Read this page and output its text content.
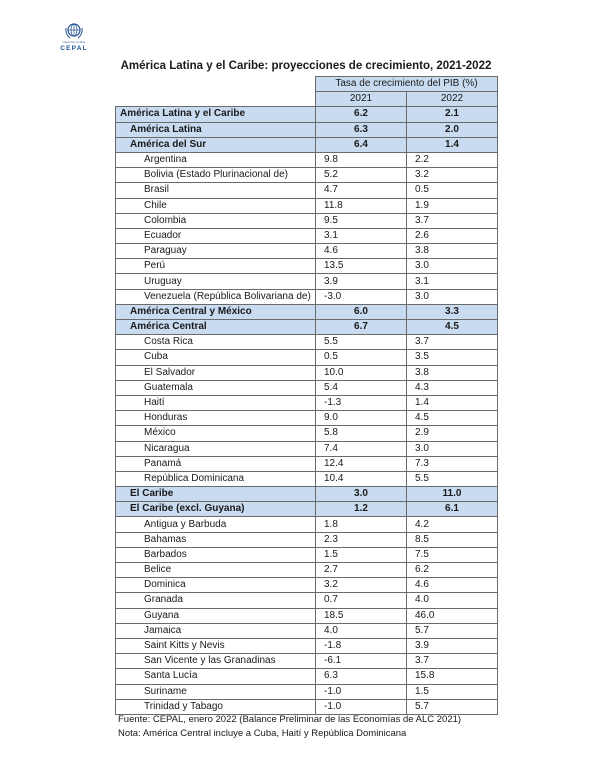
Naciones Unidas
CEPAL
América Latina y el Caribe: proyecciones de crecimiento, 2021-2022
	Tasa de crecimiento del PIB (%)	
	2021	2022
América Latina y el Caribe	6.2	2.1
América Latina	6.3	2.0
América del Sur	6.4	1.4
Argentina	9.8	2.2
Bolivia (Estado Plurinacional de)	5.2	3.2
Brasil	4.7	0.5
Chile	11.8	1.9
Colombia	9.5	3.7
Ecuador	3.1	2.6
Paraguay	4.6	3.8
Perú	13.5	3.0
Uruguay	3.9	3.1
Venezuela (República Bolivariana de)	-3.0	3.0
América Central y México	6.0	3.3
América Central	6.7	4.5
Costa Rica	5.5	3.7
Cuba	0.5	3.5
El Salvador	10.0	3.8
Guatemala	5.4	4.3
Haití	-1.3	1.4
Honduras	9.0	4.5
México	5.8	2.9
Nicaragua	7.4	3.0
Panamá	12.4	7.3
República Dominicana	10.4	5.5
El Caribe	3.0	11.0
El Caribe (excl. Guyana)	1.2	6.1
Antigua y Barbuda	1.8	4.2
Bahamas	2.3	8.5
Barbados	1.5	7.5
Belice	2.7	6.2
Dominica	3.2	4.6
Granada	0.7	4.0
Guyana	18.5	46.0
Jamaica	4.0	5.7
Saint Kitts y Nevis	-1.8	3.9
San Vicente y las Granadinas	-6.1	3.7
Santa Lucía	6.3	15.8
Suriname	-1.0	1.5
Trinidad y Tabago	-1.0	5.7
Fuente: CEPAL, enero 2022 (Balance Preliminar de las Economías de ALC 2021)
Nota: América Central incluye a Cuba, Haití y República Dominicana
